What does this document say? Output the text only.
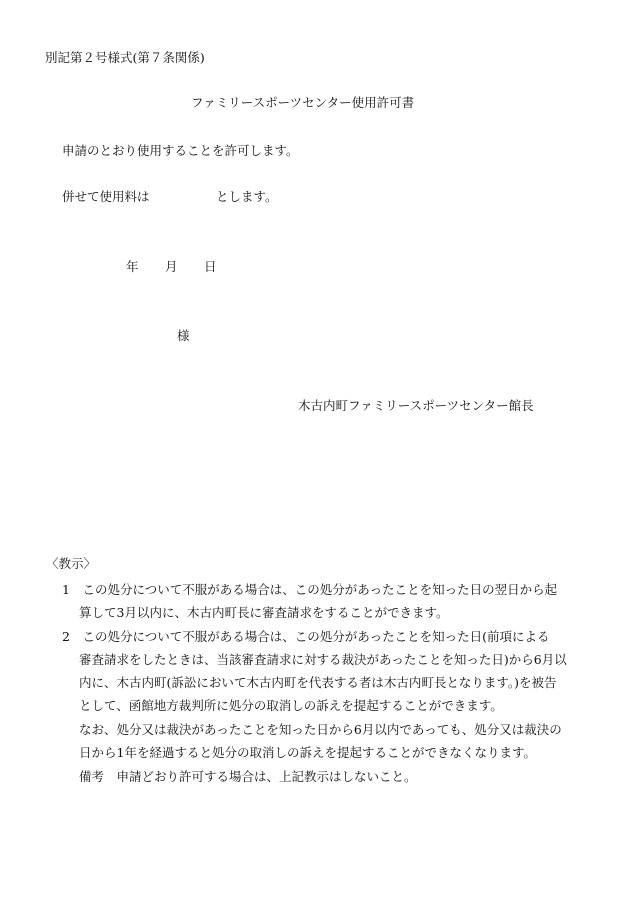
別記第２号様式(第７条関係)
ファミリースポーツセンター使用許可書
申請のとおり使用することを許可します。
併せて使用料は	とします。
年 月 日
様
木古内町ファミリースポーツセンター館長
〈教示〉
1　この処分について不服がある場合は、この処分があったことを知った日の翌日から起
算して3月以内に、木古内町長に審査請求をすることができます。
2　この処分について不服がある場合は、この処分があったことを知った日(前項による
審査請求をしたときは、当該審査請求に対する裁決があったことを知った日)から6月以
内に、木古内町(訴訟において木古内町を代表する者は木古内町長となります。)を被告
として、函館地方裁判所に処分の取消しの訴えを提起することができます。
なお、処分又は裁決があったことを知った日から6月以内であっても、処分又は裁決の
日から1年を経過すると処分の取消しの訴えを提起することができなくなります。
備考　申請どおり許可する場合は、上記教示はしないこと。
